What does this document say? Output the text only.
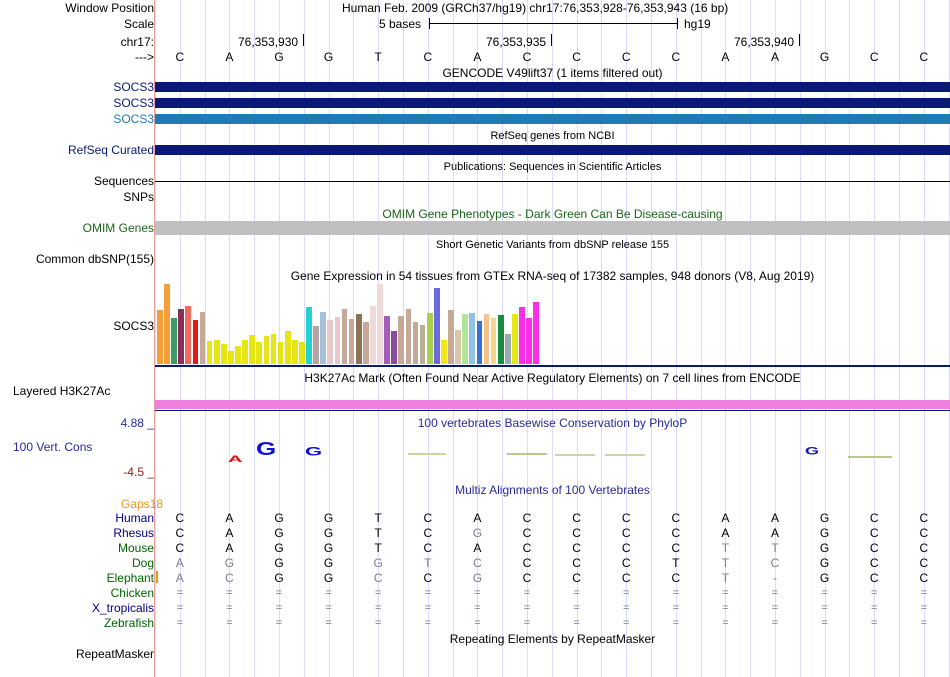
Window Position	Human Feb. 2009 (GRCh37/hg19) chr17:76,353,928-76,353,943 (16 bp)
Scale	5 bases	hg19
chr17:	76,353,930	76,353,935	76,353,940
---> C	A	G	G	T	C	A	C	C	C	C	A	A	G	C	C
GENCODE V49lift37 (1 items filtered out)
SOCS3
SOCS3
SOCS3
RefSeq genes from NCBI
RefSeq Curated
Publications: Sequences in Scientific Articles
Sequences
SNPs
OMIM Gene Phenotypes - Dark Green Can Be Disease-causing
OMIM Genes
Short Genetic Variants from dbSNP release 155
Common dbSNP(155)
Gene Expression in 54 tissues from GTEx RNA-seq of 17382 samples, 948 donors (V8, Aug 2019)
SOCS3
H3K27Ac Mark (Often Found Near Active Regulatory Elements) on 7 cell lines from ENCODE
Layered H3K27Ac
100 vertebrates Basewise Conservation by PhyloP
4.88 _
100 Vert. Cons
-4.5 _
A
G G	G
Multiz Alignments of 100 Vertebrates
Gaps18
Human C	A	G	G	T	C	A	C	C	C	C	A	A	G	C	C
Rhesus C	A	G	G	T	C	G	C	C	C	C	A	A	G	C	C
Mouse C	A	G	G	T	C	A	C	C	C	C	T	T	G	C	C
Dog A	G	G	G	G	T	C	C	C	C	T	T	C	G	C	C
Elephant A	C	G	G	C	C	G	C	C	C	C	T	-	G	C	C
Chicken =	=	=	=	=	=	=	=	=	=	=	=	=	=	=	=
X_tropicalis =	=	=	=	=	=	=	=	=	=	=	=	=	=	=	=
Zebrafish =	=	=	=	=	=	=	=	=	=	=	=	=	=	=	=
Repeating Elements by RepeatMasker
RepeatMasker
